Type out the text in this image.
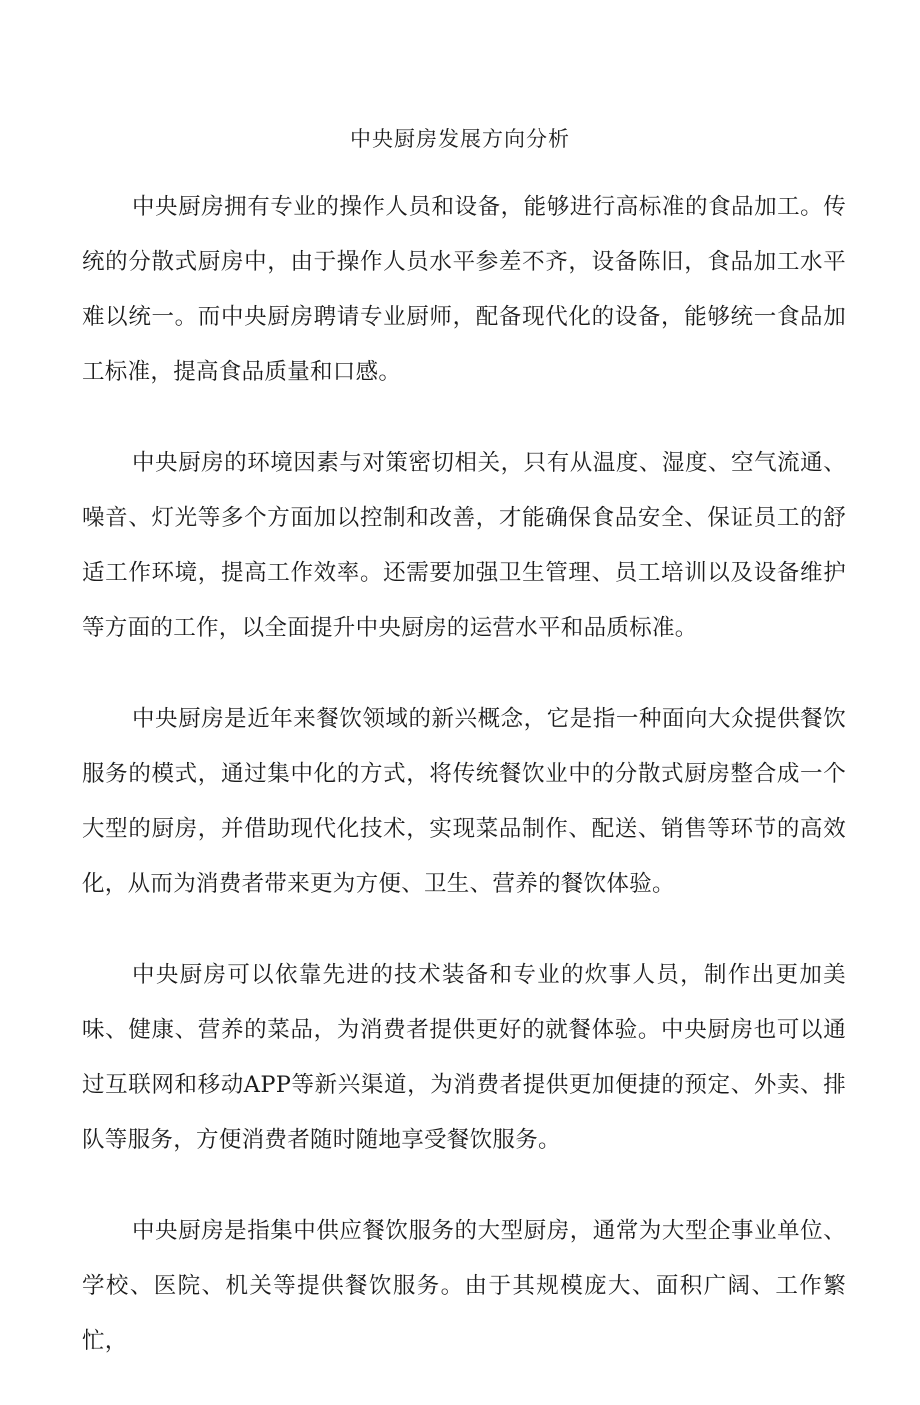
中央厨房发展方向分析

中央厨房拥有专业的操作人员和设备，能够进行高标准的食品加工。传统的分散式厨房中，由于操作人员水平参差不齐，设备陈旧，食品加工水平难以统一。而中央厨房聘请专业厨师，配备现代化的设备，能够统一食品加工标准，提高食品质量和口感。

中央厨房的环境因素与对策密切相关，只有从温度、湿度、空气流通、噪音、灯光等多个方面加以控制和改善，才能确保食品安全、保证员工的舒适工作环境，提高工作效率。还需要加强卫生管理、员工培训以及设备维护等方面的工作，以全面提升中央厨房的运营水平和品质标准。

中央厨房是近年来餐饮领域的新兴概念，它是指一种面向大众提供餐饮服务的模式，通过集中化的方式，将传统餐饮业中的分散式厨房整合成一个大型的厨房，并借助现代化技术，实现菜品制作、配送、销售等环节的高效化，从而为消费者带来更为方便、卫生、营养的餐饮体验。

中央厨房可以依靠先进的技术装备和专业的炊事人员，制作出更加美味、健康、营养的菜品，为消费者提供更好的就餐体验。中央厨房也可以通过互联网和移动APP等新兴渠道，为消费者提供更加便捷的预定、外卖、排队等服务，方便消费者随时随地享受餐饮服务。

中央厨房是指集中供应餐饮服务的大型厨房，通常为大型企事业单位、学校、医院、机关等提供餐饮服务。由于其规模庞大、面积广阔、工作繁忙，
